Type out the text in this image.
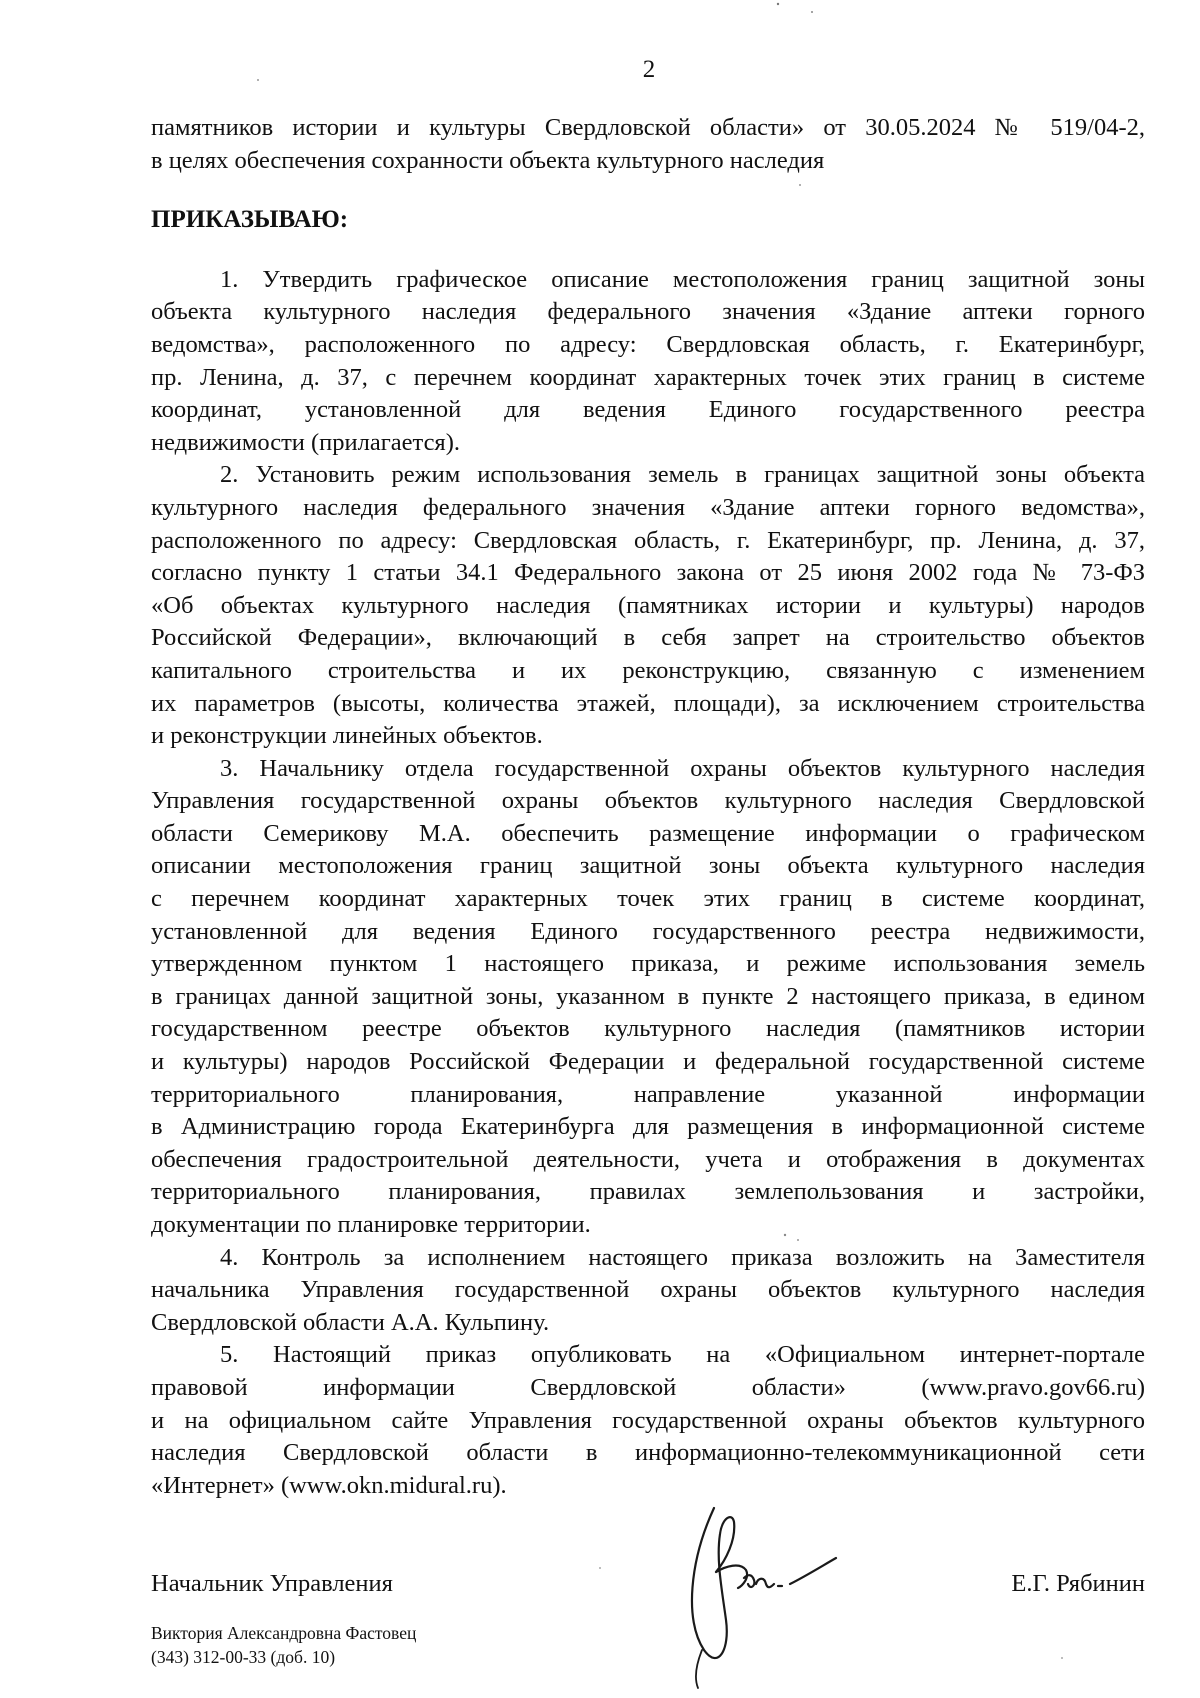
2
памятников истории и культуры Свердловской области» от 30.05.2024 № 519/04-2,
в целях обеспечения сохранности объекта культурного наследия
ПРИКАЗЫВАЮ:
1. Утвердить графическое описание местоположения границ защитной зоны
объекта культурного наследия федерального значения «Здание аптеки горного
ведомства», расположенного по адресу: Свердловская область, г. Екатеринбург,
пр. Ленина, д. 37, с перечнем координат характерных точек этих границ в системе
координат, установленной для ведения Единого государственного реестра
недвижимости (прилагается).
2. Установить режим использования земель в границах защитной зоны объекта
культурного наследия федерального значения «Здание аптеки горного ведомства»,
расположенного по адресу: Свердловская область, г. Екатеринбург, пр. Ленина, д. 37,
согласно пункту 1 статьи 34.1 Федерального закона от 25 июня 2002 года № 73-ФЗ
«Об объектах культурного наследия (памятниках истории и культуры) народов
Российской Федерации», включающий в себя запрет на строительство объектов
капитального строительства и их реконструкцию, связанную с изменением
их параметров (высоты, количества этажей, площади), за исключением строительства
и реконструкции линейных объектов.
3. Начальнику отдела государственной охраны объектов культурного наследия
Управления государственной охраны объектов культурного наследия Свердловской
области Семерикову М.А. обеспечить размещение информации о графическом
описании местоположения границ защитной зоны объекта культурного наследия
с перечнем координат характерных точек этих границ в системе координат,
установленной для ведения Единого государственного реестра недвижимости,
утвержденном пунктом 1 настоящего приказа, и режиме использования земель
в границах данной защитной зоны, указанном в пункте 2 настоящего приказа, в едином
государственном реестре объектов культурного наследия (памятников истории
и культуры) народов Российской Федерации и федеральной государственной системе
территориального планирования, направление указанной информации
в Администрацию города Екатеринбурга для размещения в информационной системе
обеспечения градостроительной деятельности, учета и отображения в документах
территориального планирования, правилах землепользования и застройки,
документации по планировке территории.
4. Контроль за исполнением настоящего приказа возложить на Заместителя
начальника Управления государственной охраны объектов культурного наследия
Свердловской области А.А. Кульпину.
5. Настоящий приказ опубликовать на «Официальном интернет-портале
правовой информации Свердловской области» (www.pravo.gov66.ru)
и на официальном сайте Управления государственной охраны объектов культурного
наследия Свердловской области в информационно-телекоммуникационной сети
«Интернет» (www.okn.midural.ru).
Начальник Управления	Е.Г. Рябинин
Виктория Александровна Фастовец
(343) 312-00-33 (доб. 10)
